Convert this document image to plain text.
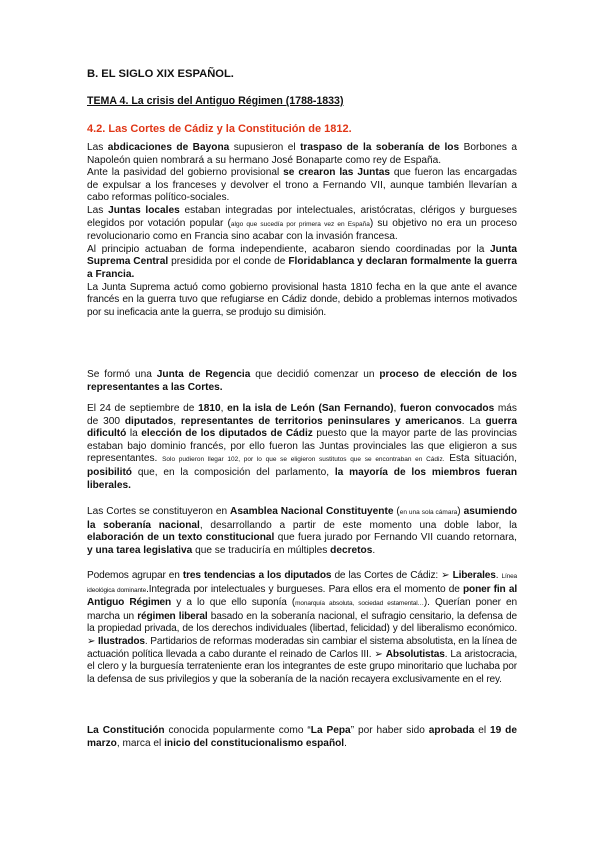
B. EL SIGLO XIX ESPAÑOL.
TEMA 4. La crisis del Antiguo Régimen (1788-1833)
4.2. Las Cortes de Cádiz y la Constitución de 1812.
Las abdicaciones de Bayona supusieron el traspaso de la soberanía de los Borbones a Napoleón quien nombrará a su hermano José Bonaparte como rey de España.
Ante la pasividad del gobierno provisional se crearon las Juntas que fueron las encargadas de expulsar a los franceses y devolver el trono a Fernando VII, aunque también llevarían a cabo reformas político-sociales.
Las Juntas locales estaban integradas por intelectuales, aristócratas, clérigos y burgueses elegidos por votación popular (algo que sucedía por primera vez en España) su objetivo no era un proceso revolucionario como en Francia sino acabar con la invasión francesa.
Al principio actuaban de forma independiente, acabaron siendo coordinadas por la Junta Suprema Central presidida por el conde de Floridablanca y declaran formalmente la guerra a Francia.
La Junta Suprema actuó como gobierno provisional hasta 1810 fecha en la que ante el avance francés en la guerra tuvo que refugiarse en Cádiz donde, debido a problemas internos motivados por su ineficacia ante la guerra, se produjo su dimisión.
Se formó una Junta de Regencia que decidió comenzar un proceso de elección de los representantes a las Cortes.
El 24 de septiembre de 1810, en la isla de León (San Fernando), fueron convocados más de 300 diputados, representantes de territorios peninsulares y americanos. La guerra dificultó la elección de los diputados de Cádiz puesto que la mayor parte de las provincias estaban bajo dominio francés, por ello fueron las Juntas provinciales las que eligieron a sus representantes. Solo pudieron llegar 102, por lo que se eligieron sustitutos que se encontraban en Cádiz. Esta situación, posibilitó que, en la composición del parlamento, la mayoría de los miembros fueran liberales.
Las Cortes se constituyeron en Asamblea Nacional Constituyente (en una sola cámara) asumiendo la soberanía nacional, desarrollando a partir de este momento una doble labor, la elaboración de un texto constitucional que fuera jurado por Fernando VII cuando retornara, y una tarea legislativa que se traduciría en múltiples decretos.
Podemos agrupar en tres tendencias a los diputados de las Cortes de Cádiz: ➢ Liberales. Línea ideológica dominante.Integrada por intelectuales y burgueses. Para ellos era el momento de poner fin al Antiguo Régimen y a lo que ello suponía (monarquía absoluta, sociedad estamental…). Querían poner en marcha un régimen liberal basado en la soberanía nacional, el sufragio censitario, la defensa de la propiedad privada, de los derechos individuales (libertad, felicidad) y del liberalismo económico. ➢ Ilustrados. Partidarios de reformas moderadas sin cambiar el sistema absolutista, en la línea de actuación política llevada a cabo durante el reinado de Carlos III. ➢ Absolutistas. La aristocracia, el clero y la burguesía terrateniente eran los integrantes de este grupo minoritario que luchaba por la defensa de sus privilegios y que la soberanía de la nación recayera exclusivamente en el rey.
La Constitución conocida popularmente como “La Pepa” por haber sido aprobada el 19 de marzo, marca el inicio del constitucionalismo español.
